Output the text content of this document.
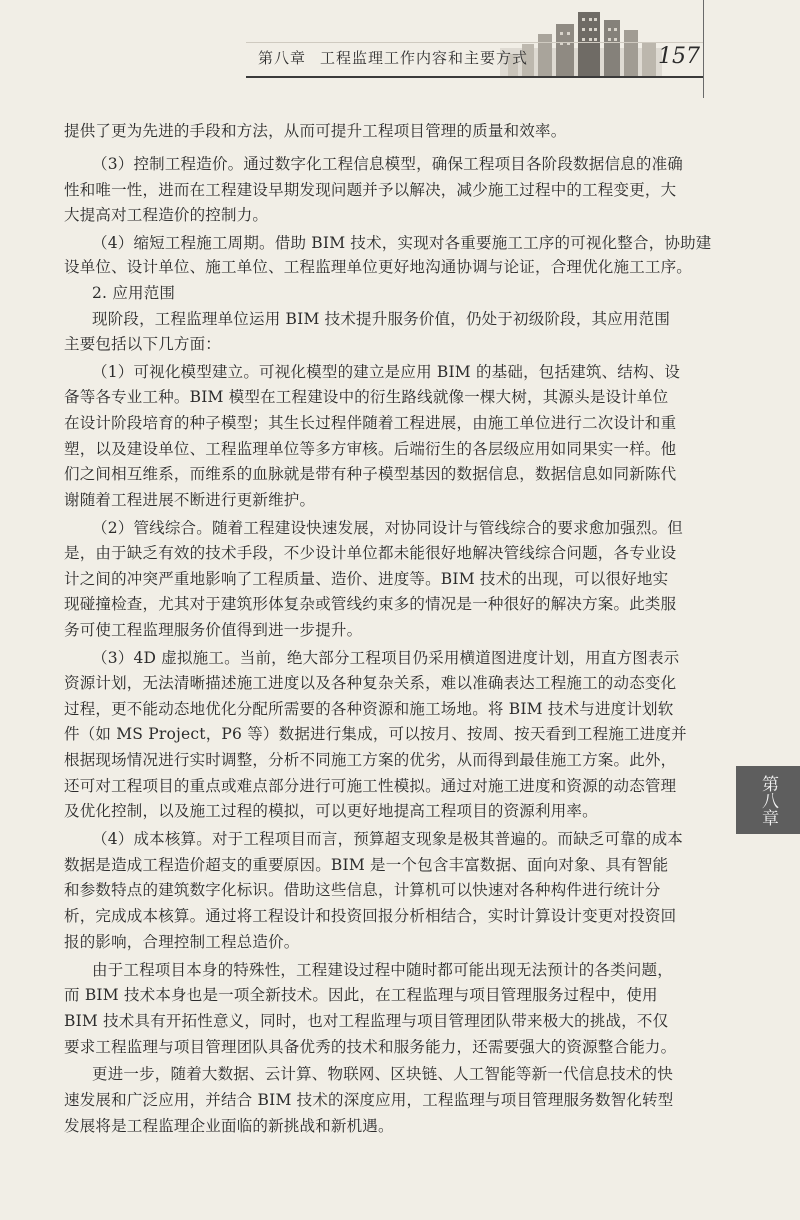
第八章 工程监理工作内容和主要方式	157
提供了更为先进的手段和方法，从而可提升工程项目管理的质量和效率。
（3）控制工程造价。通过数字化工程信息模型，确保工程项目各阶段数据信息的准确
性和唯一性，进而在工程建设早期发现问题并予以解决，减少施工过程中的工程变更，大
大提高对工程造价的控制力。
（4）缩短工程施工周期。借助 BIM 技术，实现对各重要施工工序的可视化整合，协助建
设单位、设计单位、施工单位、工程监理单位更好地沟通协调与论证，合理优化施工工序。
2. 应用范围
现阶段，工程监理单位运用 BIM 技术提升服务价值，仍处于初级阶段，其应用范围
主要包括以下几方面：
（1）可视化模型建立。可视化模型的建立是应用 BIM 的基础，包括建筑、结构、设
备等各专业工种。BIM 模型在工程建设中的衍生路线就像一棵大树，其源头是设计单位
在设计阶段培育的种子模型；其生长过程伴随着工程进展，由施工单位进行二次设计和重
塑，以及建设单位、工程监理单位等多方审核。后端衍生的各层级应用如同果实一样。他
们之间相互维系，而维系的血脉就是带有种子模型基因的数据信息，数据信息如同新陈代
谢随着工程进展不断进行更新维护。
（2）管线综合。随着工程建设快速发展，对协同设计与管线综合的要求愈加强烈。但
是，由于缺乏有效的技术手段，不少设计单位都未能很好地解决管线综合问题，各专业设
计之间的冲突严重地影响了工程质量、造价、进度等。BIM 技术的出现，可以很好地实
现碰撞检查，尤其对于建筑形体复杂或管线约束多的情况是一种很好的解决方案。此类服
务可使工程监理服务价值得到进一步提升。
（3）4D 虚拟施工。当前，绝大部分工程项目仍采用横道图进度计划，用直方图表示
资源计划，无法清晰描述施工进度以及各种复杂关系，难以准确表达工程施工的动态变化
过程，更不能动态地优化分配所需要的各种资源和施工场地。将 BIM 技术与进度计划软
件（如 MS Project，P6 等）数据进行集成，可以按月、按周、按天看到工程施工进度并
根据现场情况进行实时调整，分析不同施工方案的优劣，从而得到最佳施工方案。此外，
还可对工程项目的重点或难点部分进行可施工性模拟。通过对施工进度和资源的动态管理
及优化控制，以及施工过程的模拟，可以更好地提高工程项目的资源利用率。
（4）成本核算。对于工程项目而言，预算超支现象是极其普遍的。而缺乏可靠的成本
数据是造成工程造价超支的重要原因。BIM 是一个包含丰富数据、面向对象、具有智能
和参数特点的建筑数字化标识。借助这些信息，计算机可以快速对各种构件进行统计分
析，完成成本核算。通过将工程设计和投资回报分析相结合，实时计算设计变更对投资回
报的影响，合理控制工程总造价。
由于工程项目本身的特殊性，工程建设过程中随时都可能出现无法预计的各类问题，
而 BIM 技术本身也是一项全新技术。因此，在工程监理与项目管理服务过程中，使用
BIM 技术具有开拓性意义，同时，也对工程监理与项目管理团队带来极大的挑战，不仅
要求工程监理与项目管理团队具备优秀的技术和服务能力，还需要强大的资源整合能力。
更进一步，随着大数据、云计算、物联网、区块链、人工智能等新一代信息技术的快
速发展和广泛应用，并结合 BIM 技术的深度应用，工程监理与项目管理服务数智化转型
发展将是工程监理企业面临的新挑战和新机遇。
第八章
